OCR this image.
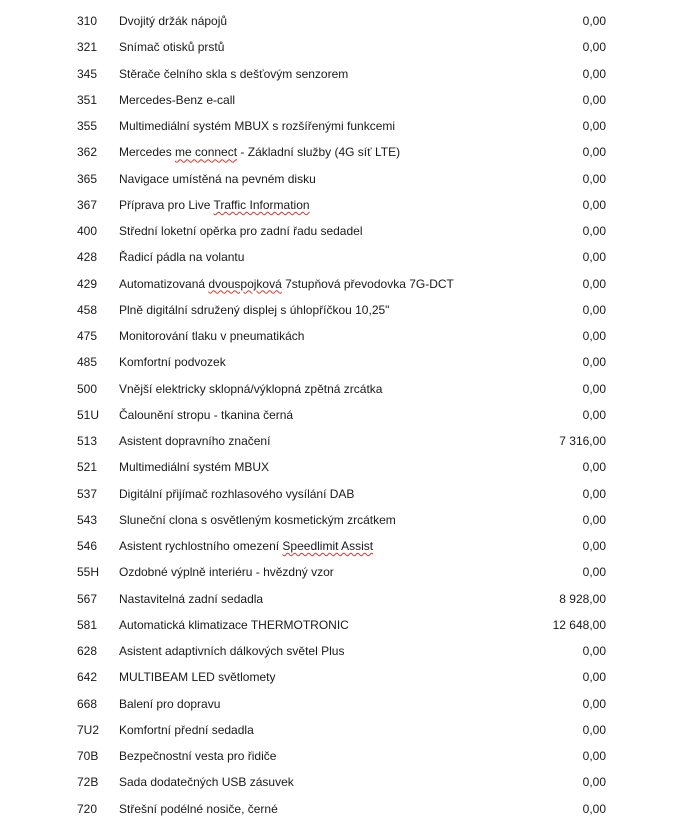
310 Dvojitý držák nápojů	0,00
321 Snímač otisků prstů	0,00
345 Stěrače čelního skla s dešťovým senzorem	0,00
351 Mercedes-Benz e-call	0,00
355 Multimediální systém MBUX s rozšířenými funkcemi	0,00
362 Mercedes me connect - Základní služby (4G síť LTE)	0,00
365 Navigace umístěná na pevném disku	0,00
367 Příprava pro Live Traffic Information	0,00
400 Střední loketní opěrka pro zadní řadu sedadel	0,00
428 Řadicí pádla na volantu	0,00
429 Automatizovaná dvouspojková 7stupňová převodovka 7G-DCT	0,00
458 Plně digitální sdružený displej s úhlopříčkou 10,25"	0,00
475 Monitorování tlaku v pneumatikách	0,00
485 Komfortní podvozek	0,00
500 Vnější elektricky sklopná/výklopná zpětná zrcátka	0,00
51U Čalounění stropu - tkanina černá	0,00
513 Asistent dopravního značení	7 316,00
521 Multimediální systém MBUX	0,00
537 Digitální přijímač rozhlasového vysílání DAB	0,00
543 Sluneční clona s osvětleným kosmetickým zrcátkem	0,00
546 Asistent rychlostního omezení Speedlimit Assist	0,00
55H Ozdobné výplně interiéru - hvězdný vzor	0,00
567 Nastavitelná zadní sedadla	8 928,00
581 Automatická klimatizace THERMOTRONIC	12 648,00
628 Asistent adaptivních dálkových světel Plus	0,00
642 MULTIBEAM LED světlomety	0,00
668 Balení pro dopravu	0,00
7U2 Komfortní přední sedadla	0,00
70B Bezpečnostní vesta pro řidiče	0,00
72B Sada dodatečných USB zásuvek	0,00
720 Střešní podélné nosiče, černé	0,00
